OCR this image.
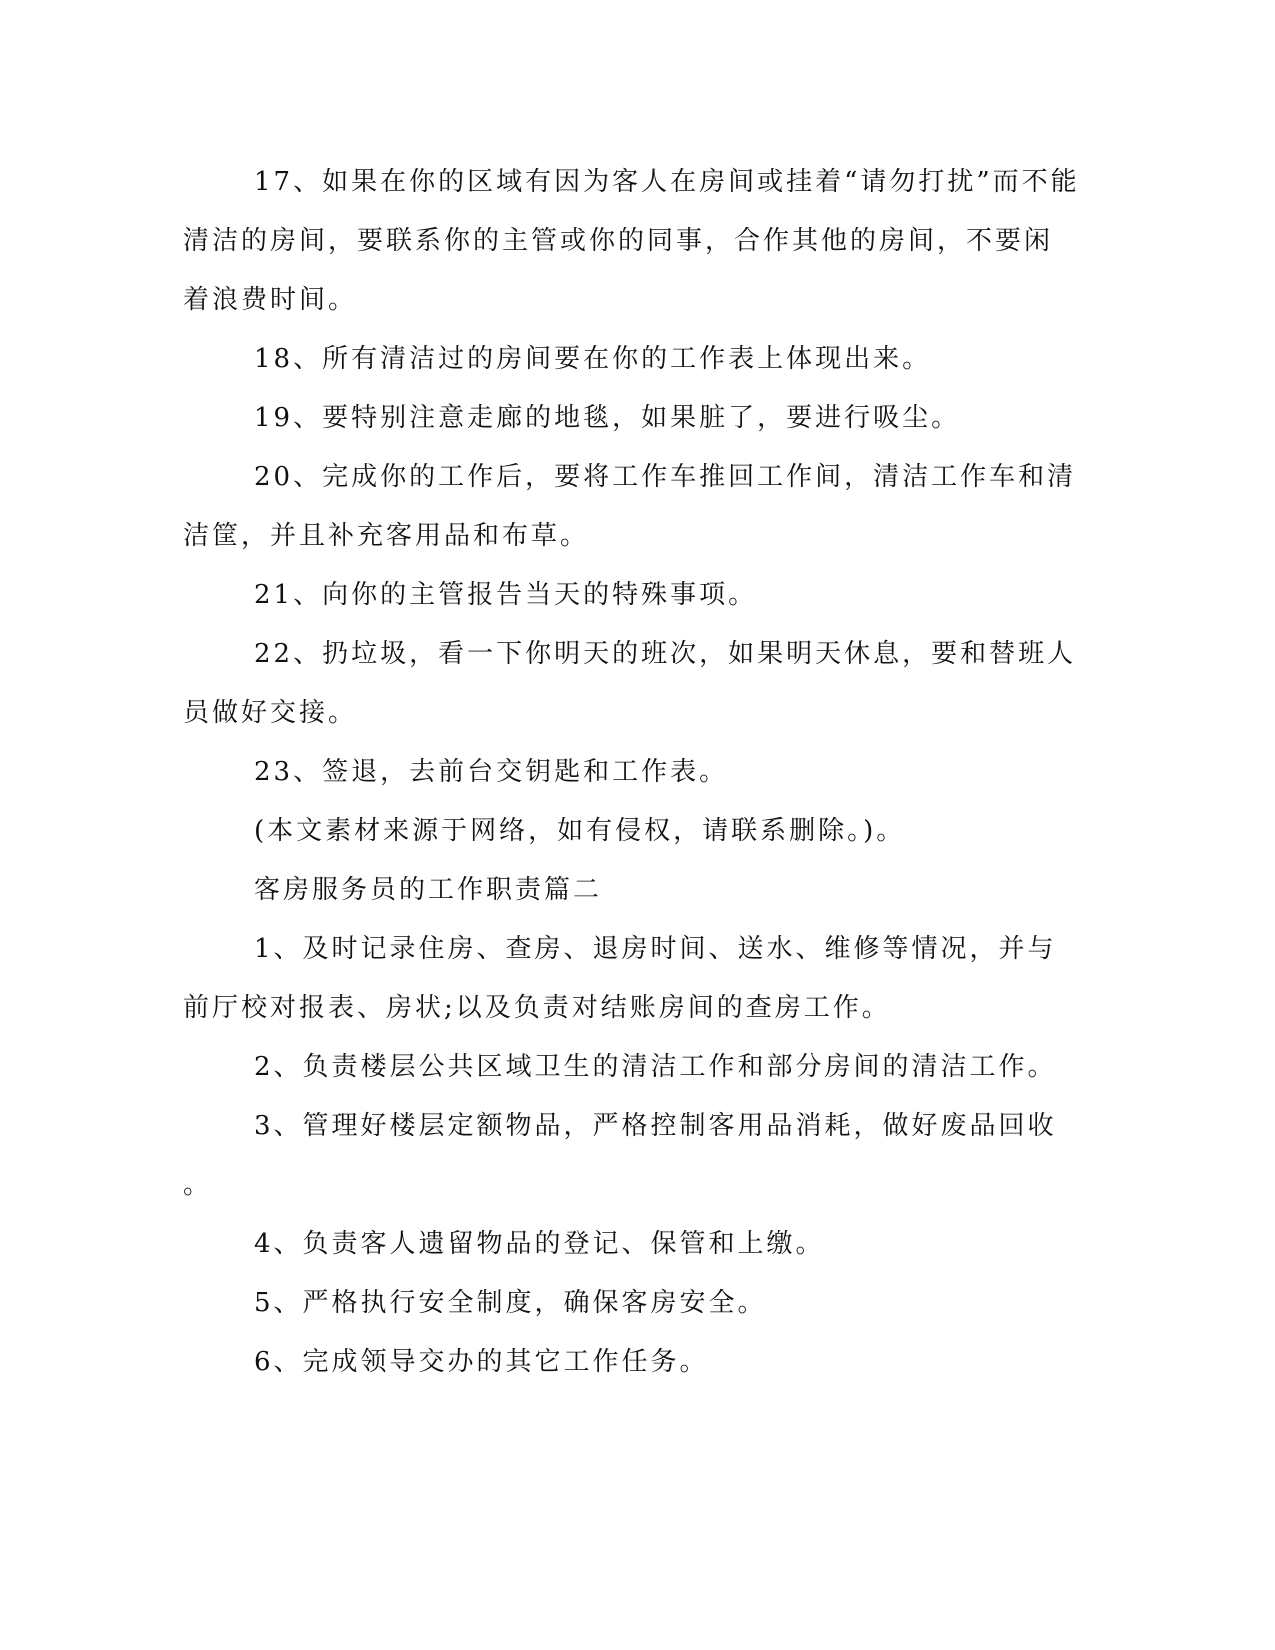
17、如果在你的区域有因为客人在房间或挂着“请勿打扰”而不能
清洁的房间，要联系你的主管或你的同事，合作其他的房间，不要闲
着浪费时间。
18、所有清洁过的房间要在你的工作表上体现出来。
19、要特别注意走廊的地毯，如果脏了，要进行吸尘。
20、完成你的工作后，要将工作车推回工作间，清洁工作车和清
洁筐，并且补充客用品和布草。
21、向你的主管报告当天的特殊事项。
22、扔垃圾，看一下你明天的班次，如果明天休息，要和替班人
员做好交接。
23、签退，去前台交钥匙和工作表。
(本文素材来源于网络，如有侵权，请联系删除。)。
客房服务员的工作职责篇二
1、及时记录住房、查房、退房时间、送水、维修等情况，并与
前厅校对报表、房状;以及负责对结账房间的查房工作。
2、负责楼层公共区域卫生的清洁工作和部分房间的清洁工作。
3、管理好楼层定额物品，严格控制客用品消耗，做好废品回收
。
4、负责客人遗留物品的登记、保管和上缴。
5、严格执行安全制度，确保客房安全。
6、完成领导交办的其它工作任务。
